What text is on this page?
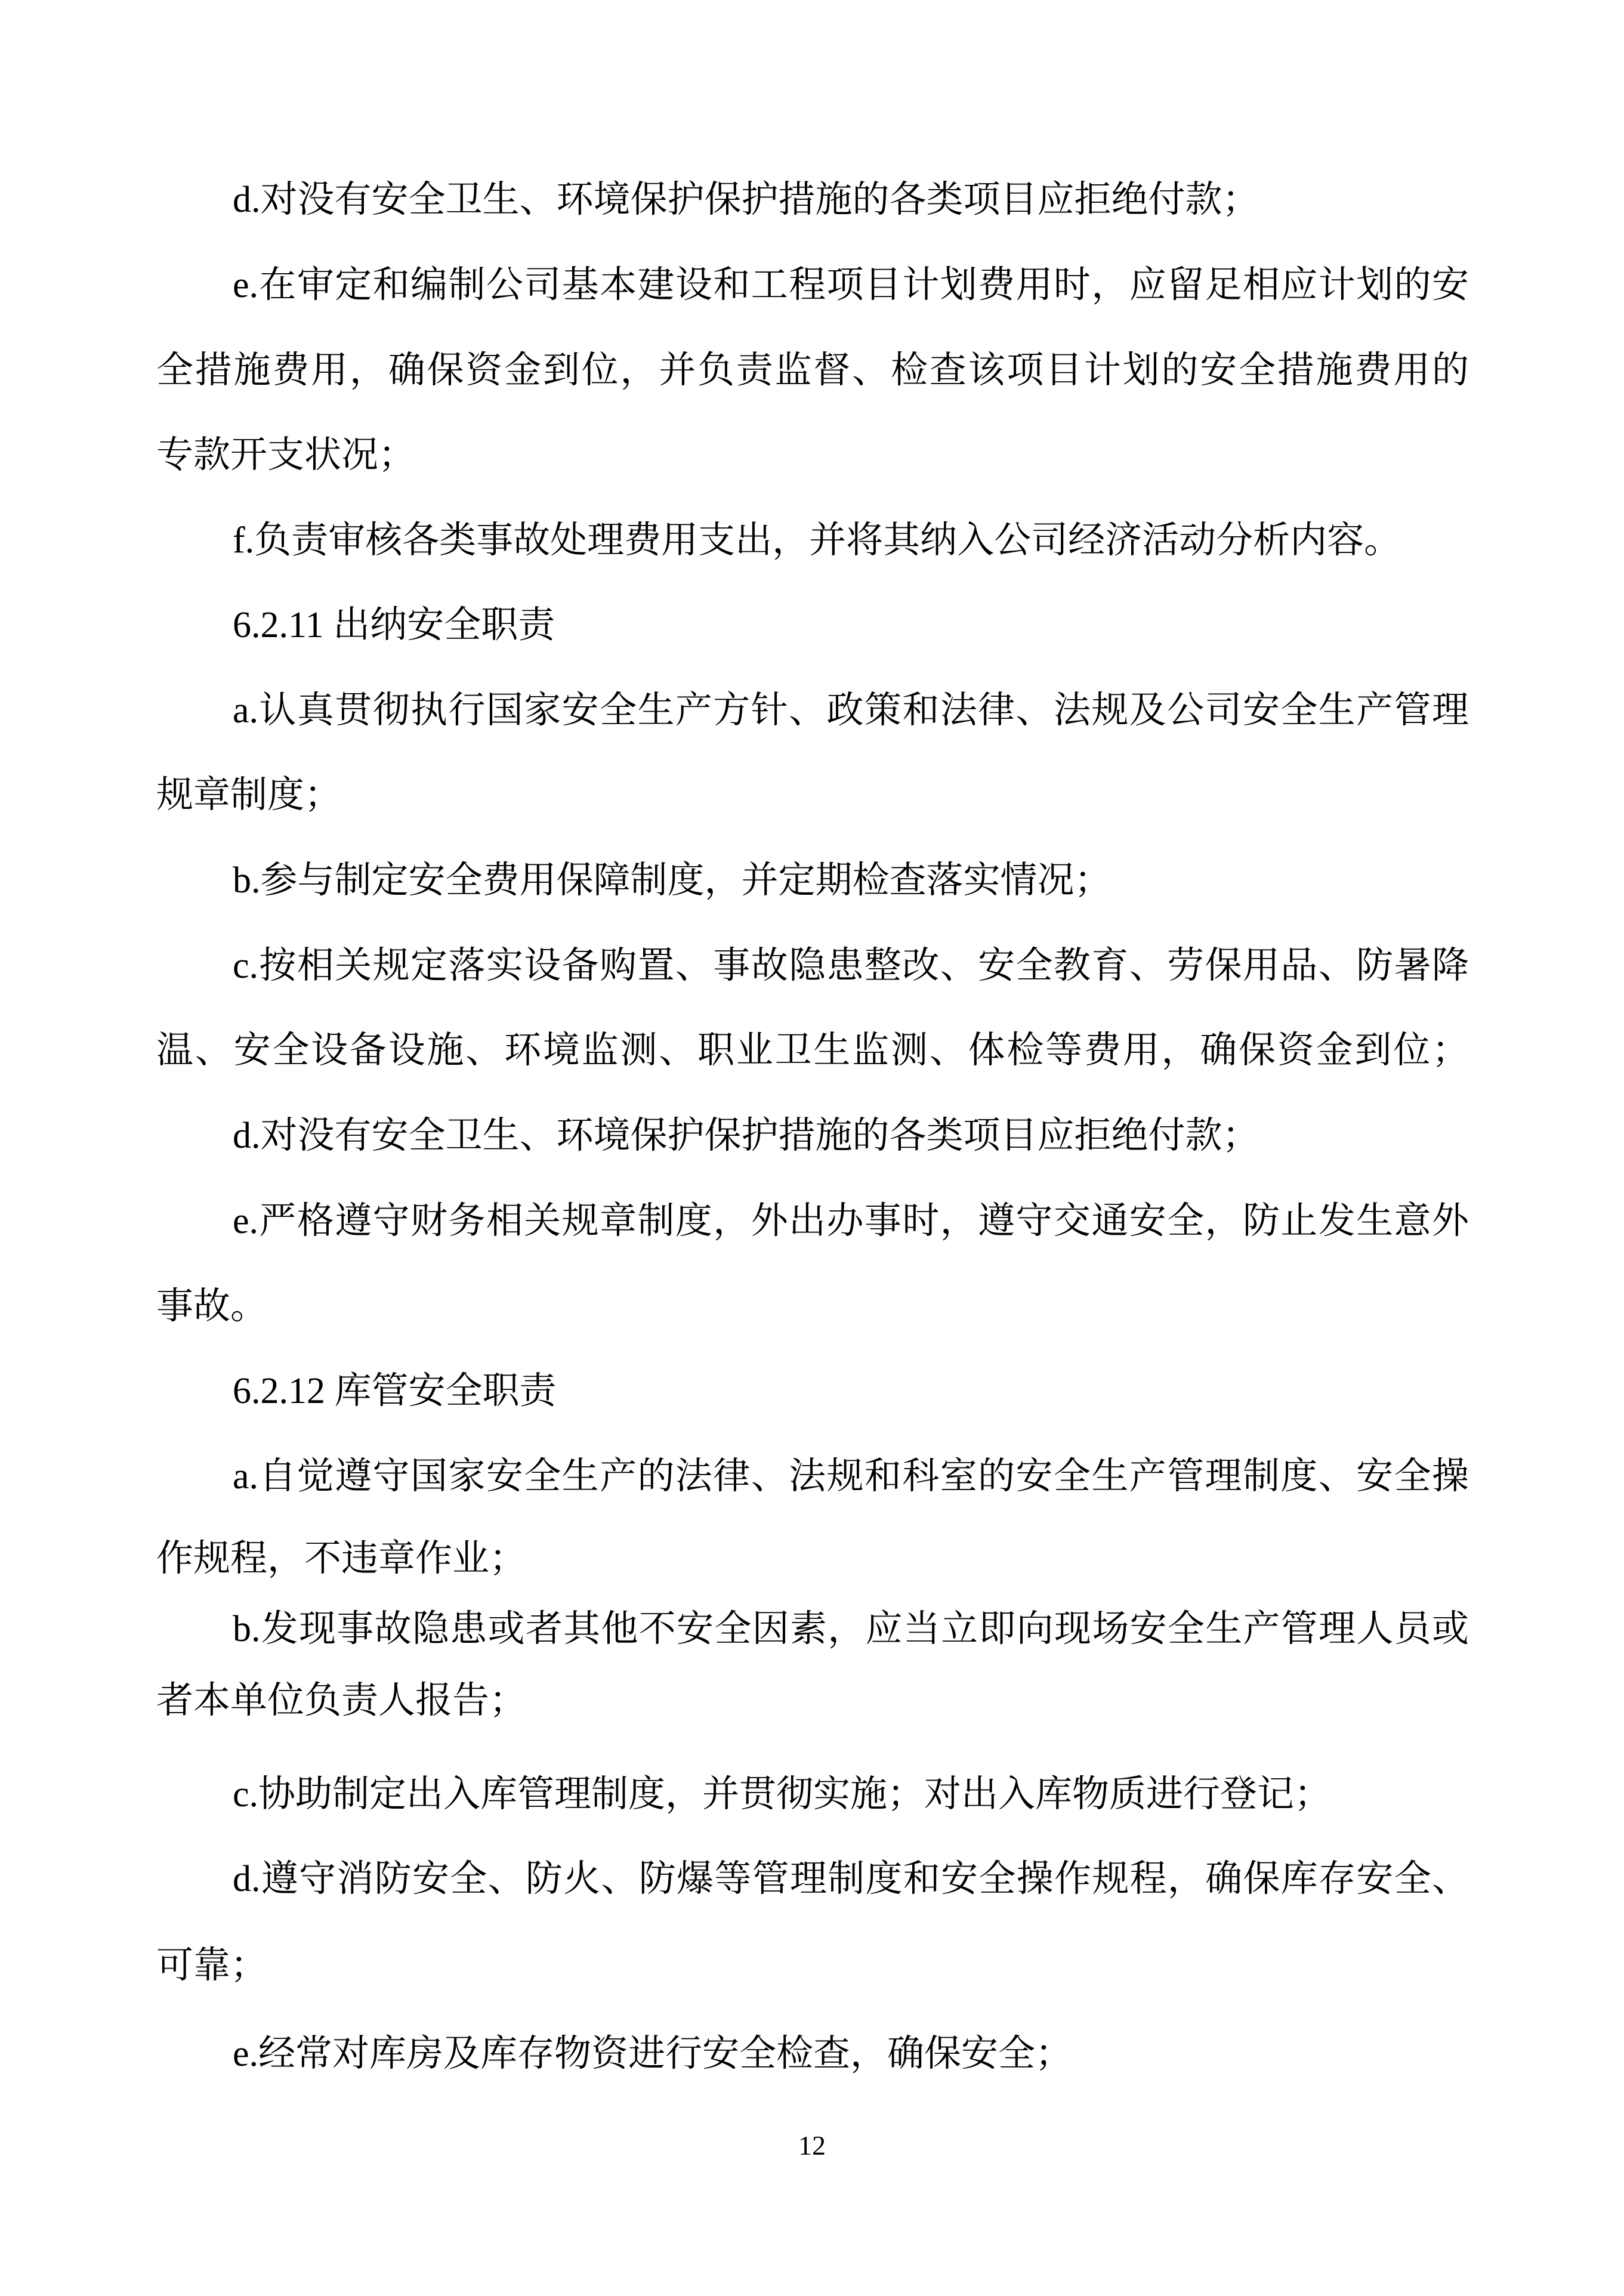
d.对没有安全卫生、环境保护保护措施的各类项目应拒绝付款；
e.在审定和编制公司基本建设和工程项目计划费用时，应留足相应计划的安
全措施费用，确保资金到位，并负责监督、检查该项目计划的安全措施费用的
专款开支状况；
f.负责审核各类事故处理费用支出，并将其纳入公司经济活动分析内容。
6.2.11 出纳安全职责
a.认真贯彻执行国家安全生产方针、政策和法律、法规及公司安全生产管理
规章制度；
b.参与制定安全费用保障制度，并定期检查落实情况；
c.按相关规定落实设备购置、事故隐患整改、安全教育、劳保用品、防暑降
温、安全设备设施、环境监测、职业卫生监测、体检等费用，确保资金到位；
d.对没有安全卫生、环境保护保护措施的各类项目应拒绝付款；
e.严格遵守财务相关规章制度，外出办事时，遵守交通安全，防止发生意外
事故。
6.2.12 库管安全职责
a.自觉遵守国家安全生产的法律、法规和科室的安全生产管理制度、安全操
作规程，不违章作业；
b.发现事故隐患或者其他不安全因素，应当立即向现场安全生产管理人员或
者本单位负责人报告；
c.协助制定出入库管理制度，并贯彻实施；对出入库物质进行登记；
d.遵守消防安全、防火、防爆等管理制度和安全操作规程，确保库存安全、
可靠；
e.经常对库房及库存物资进行安全检查，确保安全；
12
